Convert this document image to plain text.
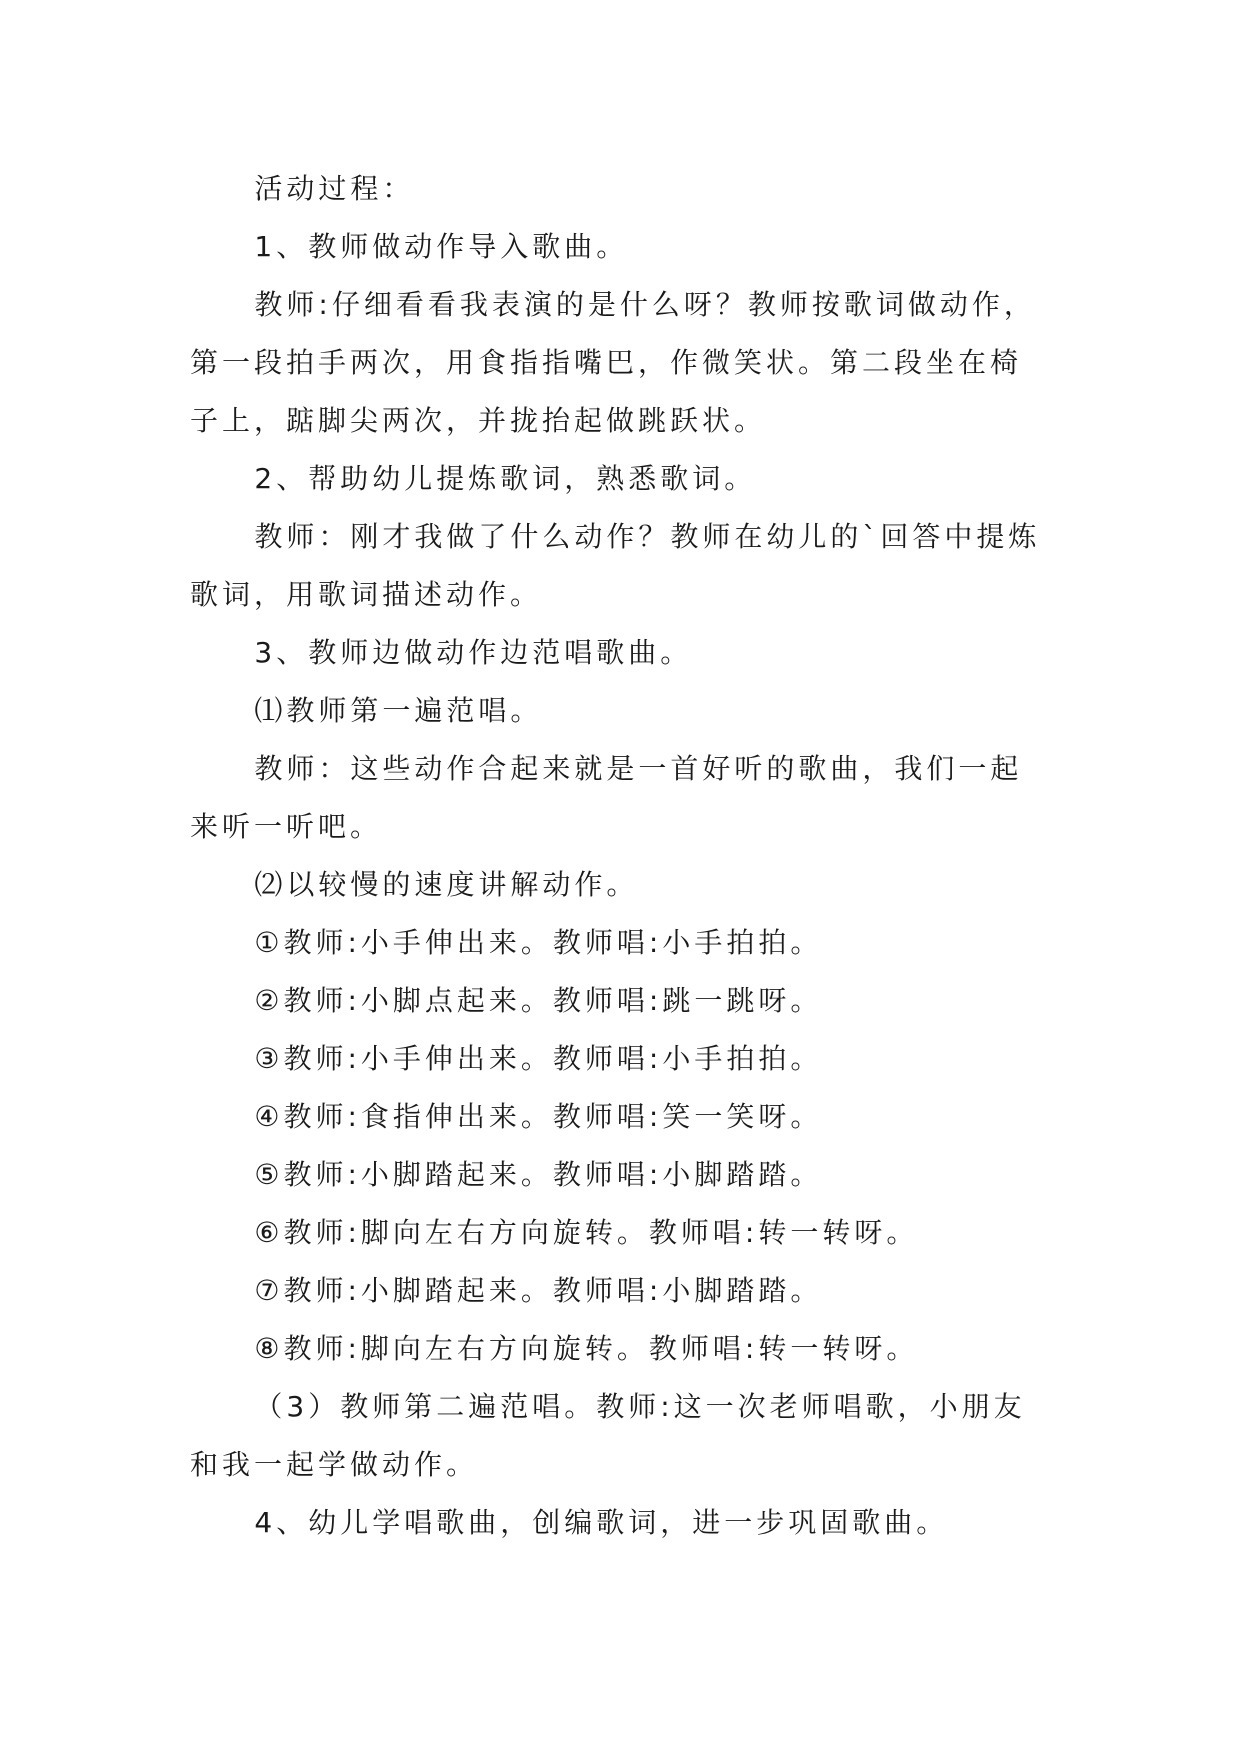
活动过程：

1、教师做动作导入歌曲。

教师:仔细看看我表演的是什么呀？教师按歌词做动作，第一段拍手两次，用食指指嘴巴，作微笑状。第二段坐在椅子上，踮脚尖两次，并拢抬起做跳跃状。

2、帮助幼儿提炼歌词，熟悉歌词。

教师：刚才我做了什么动作？教师在幼儿的`回答中提炼歌词，用歌词描述动作。

3、教师边做动作边范唱歌曲。

⑴教师第一遍范唱。

教师：这些动作合起来就是一首好听的歌曲，我们一起来听一听吧。

⑵以较慢的速度讲解动作。

①教师:小手伸出来。教师唱:小手拍拍。

②教师:小脚点起来。教师唱:跳一跳呀。

③教师:小手伸出来。教师唱:小手拍拍。

④教师:食指伸出来。教师唱:笑一笑呀。

⑤教师:小脚踏起来。教师唱:小脚踏踏。

⑥教师:脚向左右方向旋转。教师唱:转一转呀。

⑦教师:小脚踏起来。教师唱:小脚踏踏。

⑧教师:脚向左右方向旋转。教师唱:转一转呀。

（3）教师第二遍范唱。教师:这一次老师唱歌，小朋友和我一起学做动作。

4、幼儿学唱歌曲，创编歌词，进一步巩固歌曲。
